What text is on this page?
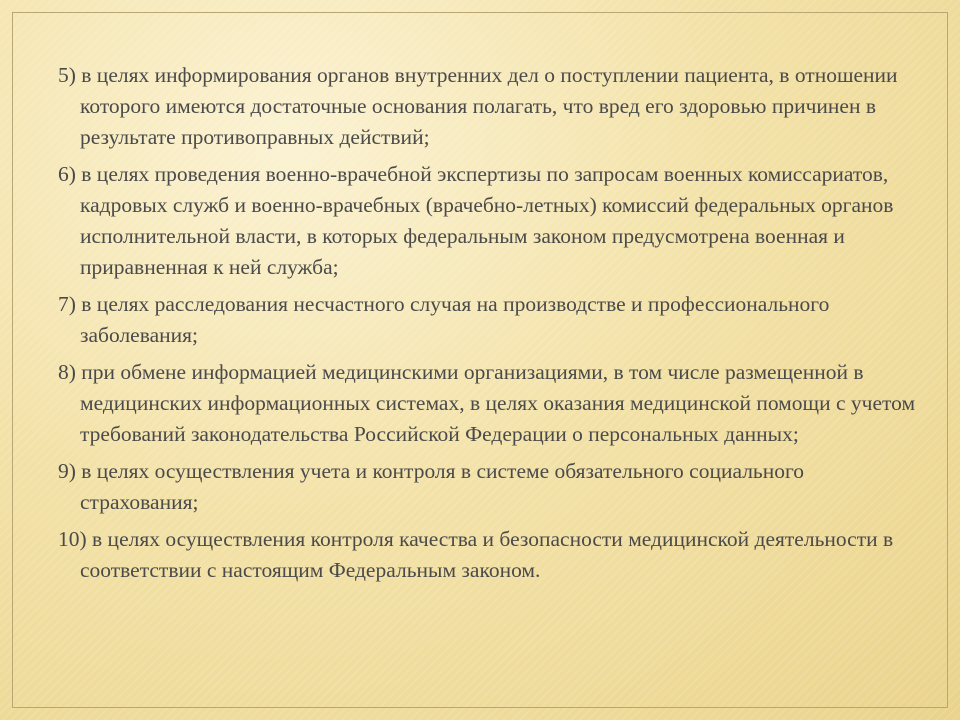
5) в целях информирования органов внутренних дел о поступлении пациента, в отношении которого имеются достаточные основания полагать, что вред его здоровью причинен в результате противоправных действий;

6) в целях проведения военно-врачебной экспертизы по запросам военных комиссариатов, кадровых служб и военно-врачебных (врачебно-летных) комиссий федеральных органов исполнительной власти, в которых федеральным законом предусмотрена военная и приравненная к ней служба;

7) в целях расследования несчастного случая на производстве и профессионального заболевания;

8) при обмене информацией медицинскими организациями, в том числе размещенной в медицинских информационных системах, в целях оказания медицинской помощи с учетом требований законодательства Российской Федерации о персональных данных;

9) в целях осуществления учета и контроля в системе обязательного социального страхования;

10) в целях осуществления контроля качества и безопасности медицинской деятельности в соответствии с настоящим Федеральным законом.
